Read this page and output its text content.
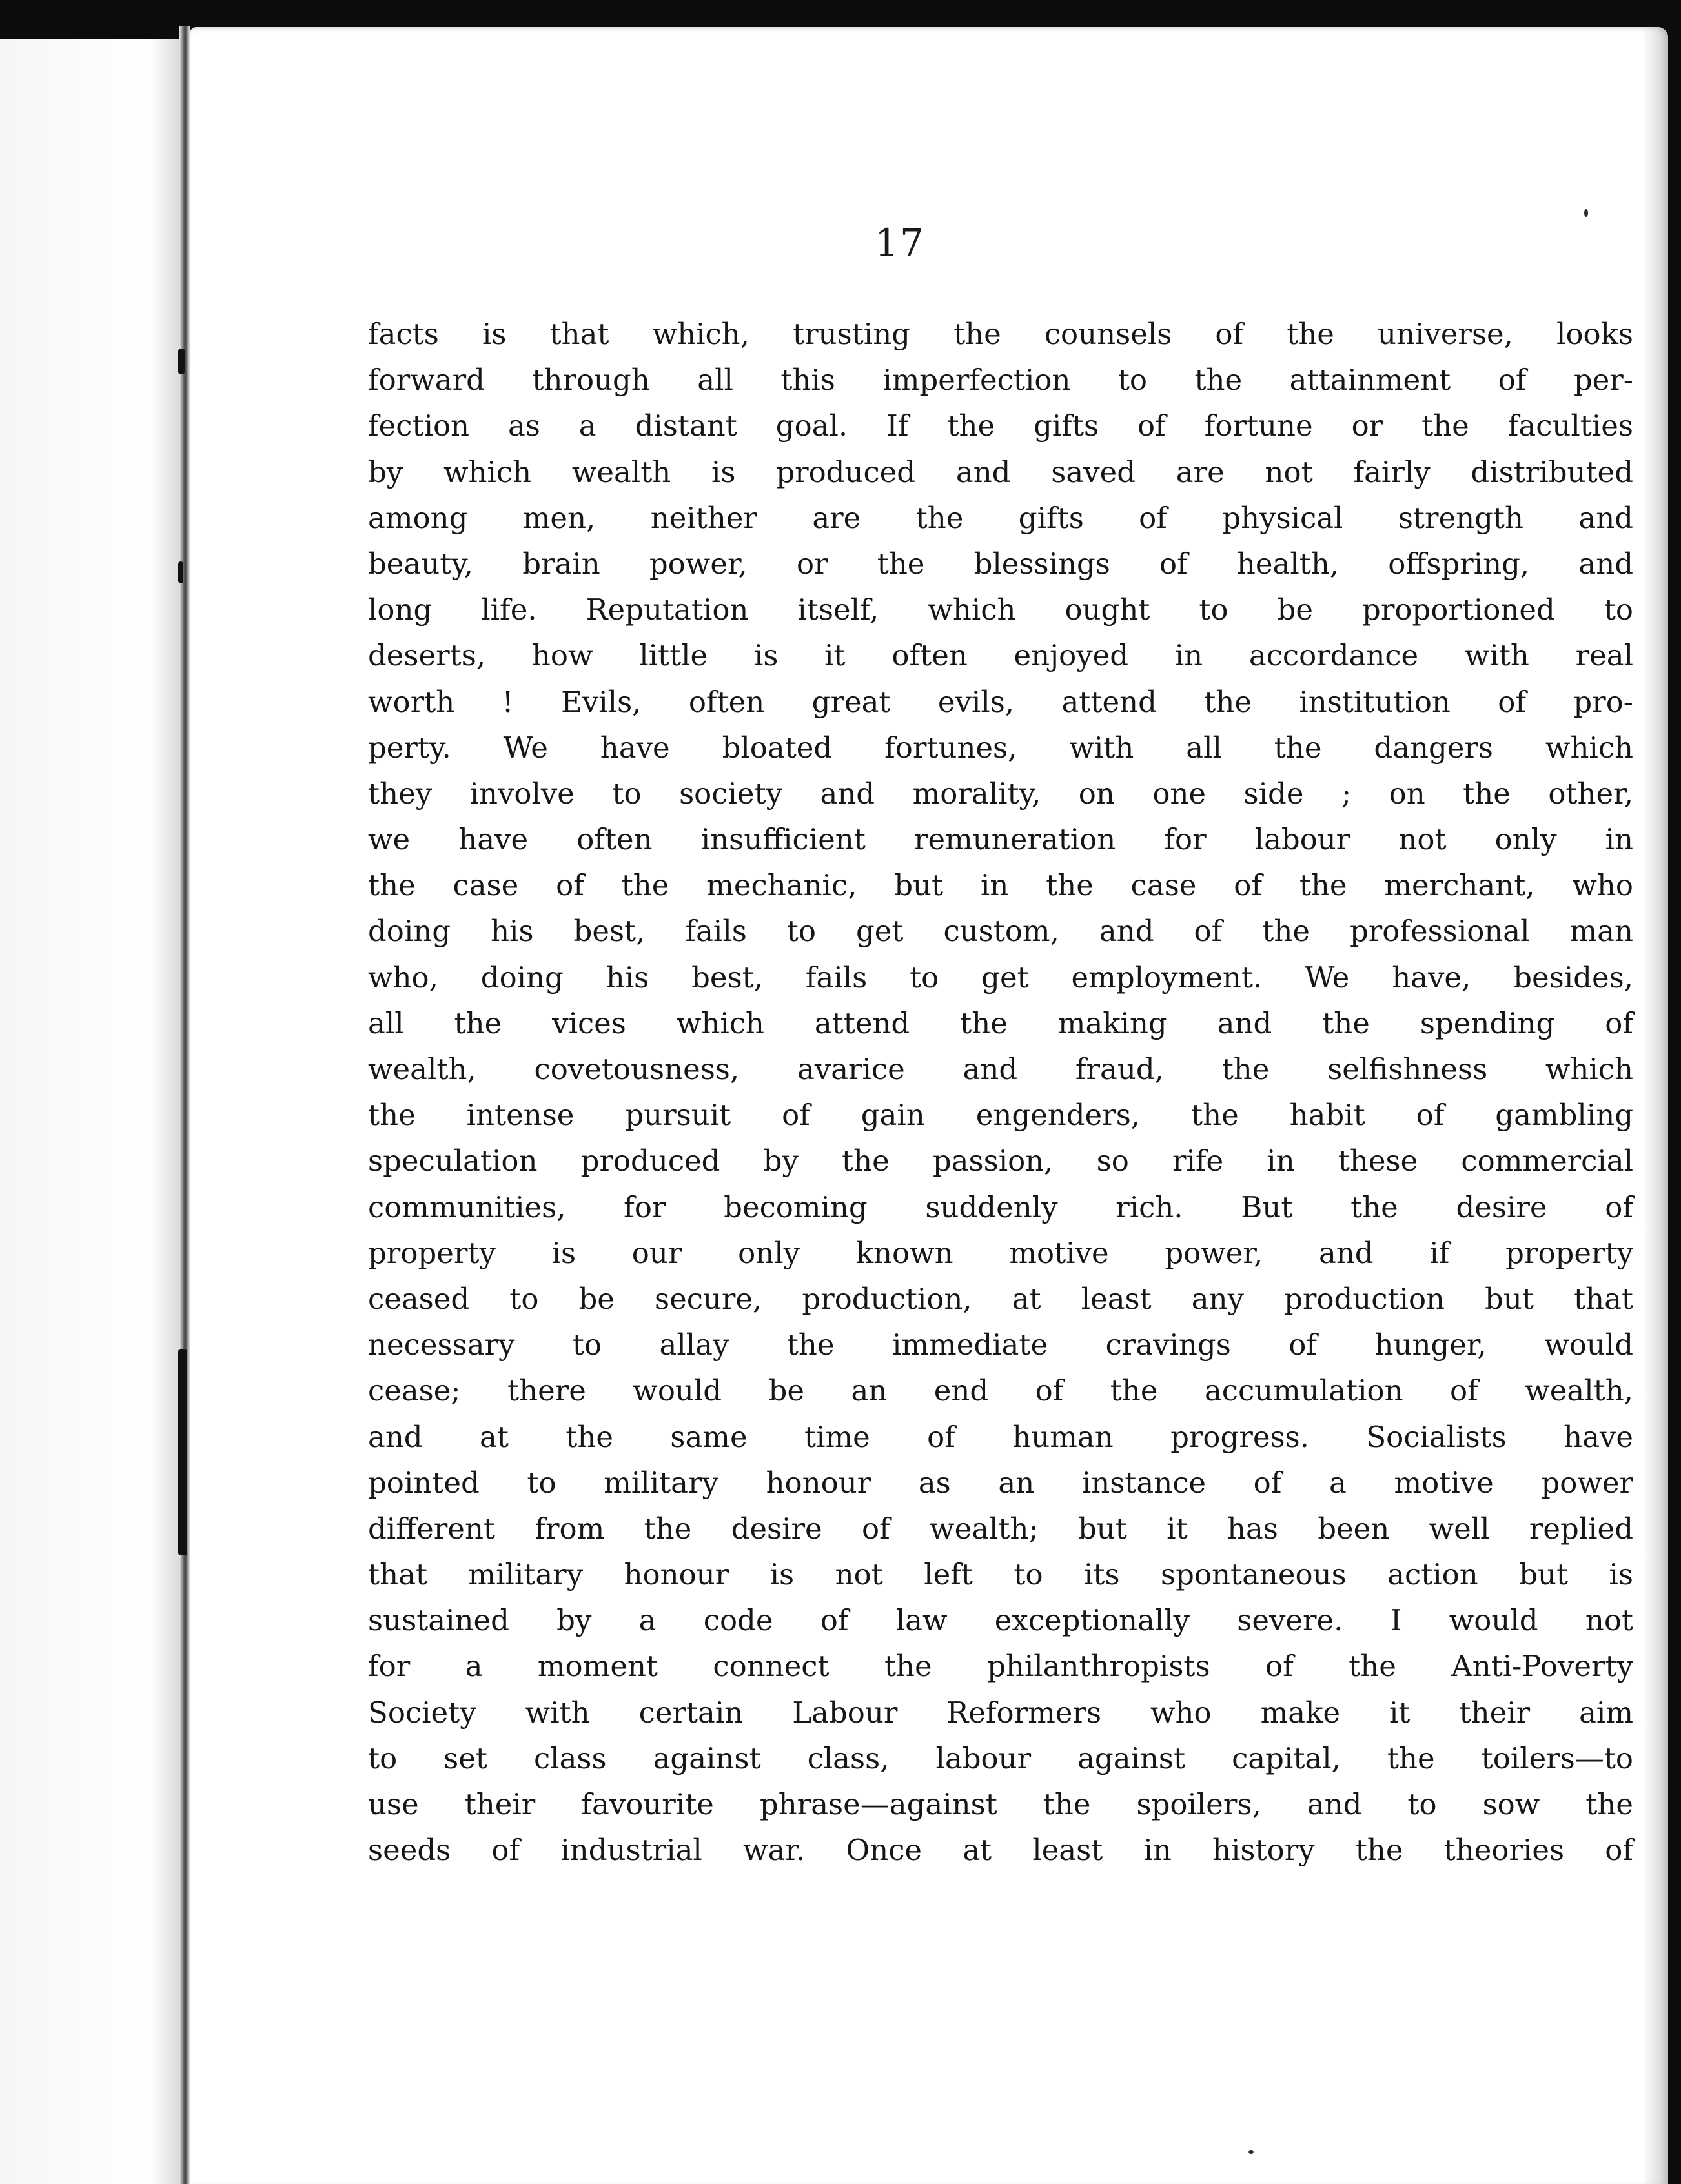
17
facts is that which, trusting the counsels of the universe, looks
forward through all this imperfection to the attainment of per-
fection as a distant goal. If the gifts of fortune or the faculties
by which wealth is produced and saved are not fairly distributed
among men, neither are the gifts of physical strength and
beauty, brain power, or the blessings of health, offspring, and
long life. Reputation itself, which ought to be proportioned to
deserts, how little is it often enjoyed in accordance with real
worth ! Evils, often great evils, attend the institution of pro-
perty. We have bloated fortunes, with all the dangers which
they involve to society and morality, on one side ; on the other,
we have often insufficient remuneration for labour not only in
the case of the mechanic, but in the case of the merchant, who
doing his best, fails to get custom, and of the professional man
who, doing his best, fails to get employment. We have, besides,
all the vices which attend the making and the spending of
wealth, covetousness, avarice and fraud, the selfishness which
the intense pursuit of gain engenders, the habit of gambling
speculation produced by the passion, so rife in these commercial
communities, for becoming suddenly rich. But the desire of
property is our only known motive power, and if property
ceased to be secure, production, at least any production but that
necessary to allay the immediate cravings of hunger, would
cease; there would be an end of the accumulation of wealth,
and at the same time of human progress. Socialists have
pointed to military honour as an instance of a motive power
different from the desire of wealth; but it has been well replied
that military honour is not left to its spontaneous action but is
sustained by a code of law exceptionally severe. I would not
for a moment connect the philanthropists of the Anti-Poverty
Society with certain Labour Reformers who make it their aim
to set class against class, labour against capital, the toilers—to
use their favourite phrase—against the spoilers, and to sow the
seeds of industrial war. Once at least in history the theories of
